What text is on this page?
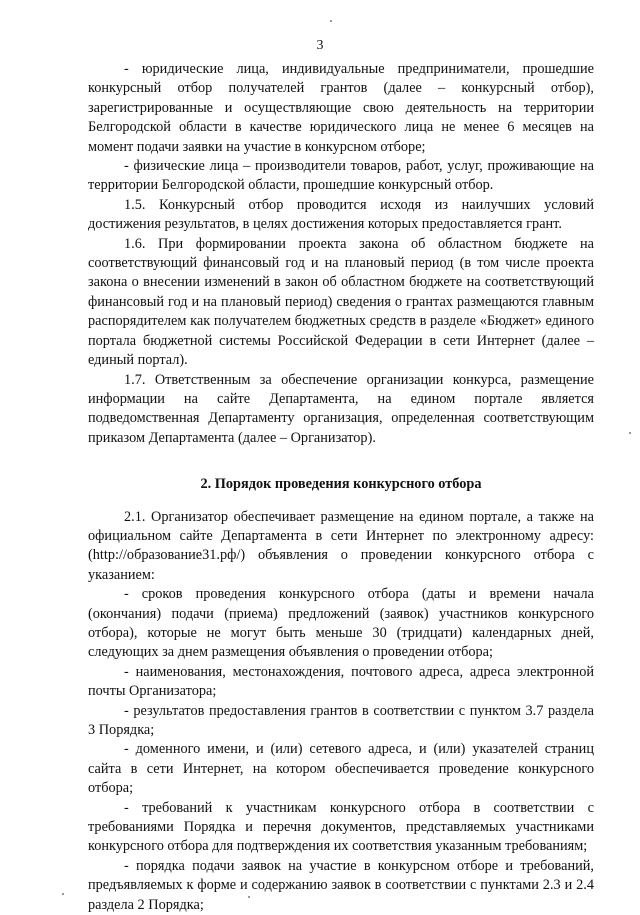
3

- юридические лица, индивидуальные предприниматели, прошедшие конкурсный отбор получателей грантов (далее – конкурсный отбор), зарегистрированные и осуществляющие свою деятельность на территории Белгородской области в качестве юридического лица не менее 6 месяцев на момент подачи заявки на участие в конкурсном отборе;

- физические лица – производители товаров, работ, услуг, проживающие на территории Белгородской области, прошедшие конкурсный отбор.

1.5. Конкурсный отбор проводится исходя из наилучших условий достижения результатов, в целях достижения которых предоставляется грант.

1.6. При формировании проекта закона об областном бюджете на соответствующий финансовый год и на плановый период (в том числе проекта закона о внесении изменений в закон об областном бюджете на соответствующий финансовый год и на плановый период) сведения о грантах размещаются главным распорядителем как получателем бюджетных средств в разделе «Бюджет» единого портала бюджетной системы Российской Федерации в сети Интернет (далее – единый портал).

1.7. Ответственным за обеспечение организации конкурса, размещение информации на сайте Департамента, на едином портале является подведомственная Департаменту организация, определенная соответствующим приказом Департамента (далее – Организатор).

2. Порядок проведения конкурсного отбора

2.1. Организатор обеспечивает размещение на едином портале, а также на официальном сайте Департамента в сети Интернет по электронному адресу: (http://образование31.рф/) объявления о проведении конкурсного отбора с указанием:

- сроков проведения конкурсного отбора (даты и времени начала (окончания) подачи (приема) предложений (заявок) участников конкурсного отбора), которые не могут быть меньше 30 (тридцати) календарных дней, следующих за днем размещения объявления о проведении отбора;

- наименования, местонахождения, почтового адреса, адреса электронной почты Организатора;

- результатов предоставления грантов в соответствии с пунктом 3.7 раздела 3 Порядка;

- доменного имени, и (или) сетевого адреса, и (или) указателей страниц сайта в сети Интернет, на котором обеспечивается проведение конкурсного отбора;

- требований к участникам конкурсного отбора в соответствии с требованиями Порядка и перечня документов, представляемых участниками конкурсного отбора для подтверждения их соответствия указанным требованиям;

- порядка подачи заявок на участие в конкурсном отборе и требований, предъявляемых к форме и содержанию заявок в соответствии с пунктами 2.3 и 2.4 раздела 2 Порядка;
